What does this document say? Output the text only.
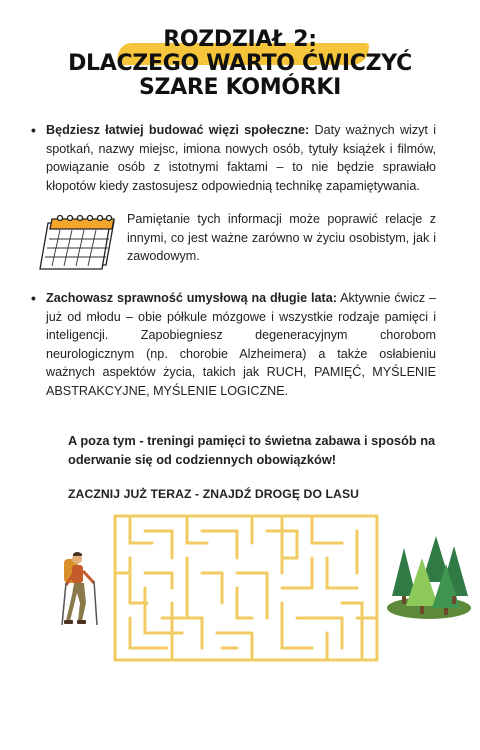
ROZDZIAŁ 2:
DLACZEGO WARTO ĆWICZYĆ
SZARE KOMÓRKI
• Będziesz łatwiej budować więzi społeczne: Daty ważnych wizyt i spotkań, nazwy miejsc, imiona nowych osób, tytuły książek i filmów, powiązanie osób z istotnymi faktami – to nie będzie sprawiało kłopotów kiedy zastosujesz odpowiednią technikę zapamiętywania.
Pamiętanie tych informacji może poprawić relacje z innymi, co jest ważne zarówno w życiu osobistym, jak i zawodowym.
• Zachowasz sprawność umysłową na długie lata: Aktywnie ćwicz – już od młodu – obie półkule mózgowe i wszystkie rodzaje pamięci i inteligencji. Zapobiegniesz degeneracyjnym chorobom neurologicznym (np. chorobie Alzheimera) a także osłabieniu ważnych aspektów życia, takich jak RUCH, PAMIĘĆ, MYŚLENIE ABSTRAKCYJNE, MYŚLENIE LOGICZNE.
A poza tym - treningi pamięci to świetna zabawa i sposób na oderwanie się od codziennych obowiązków!
ZACZNIJ JUŻ TERAZ - ZNAJDŹ DROGĘ DO LASU
